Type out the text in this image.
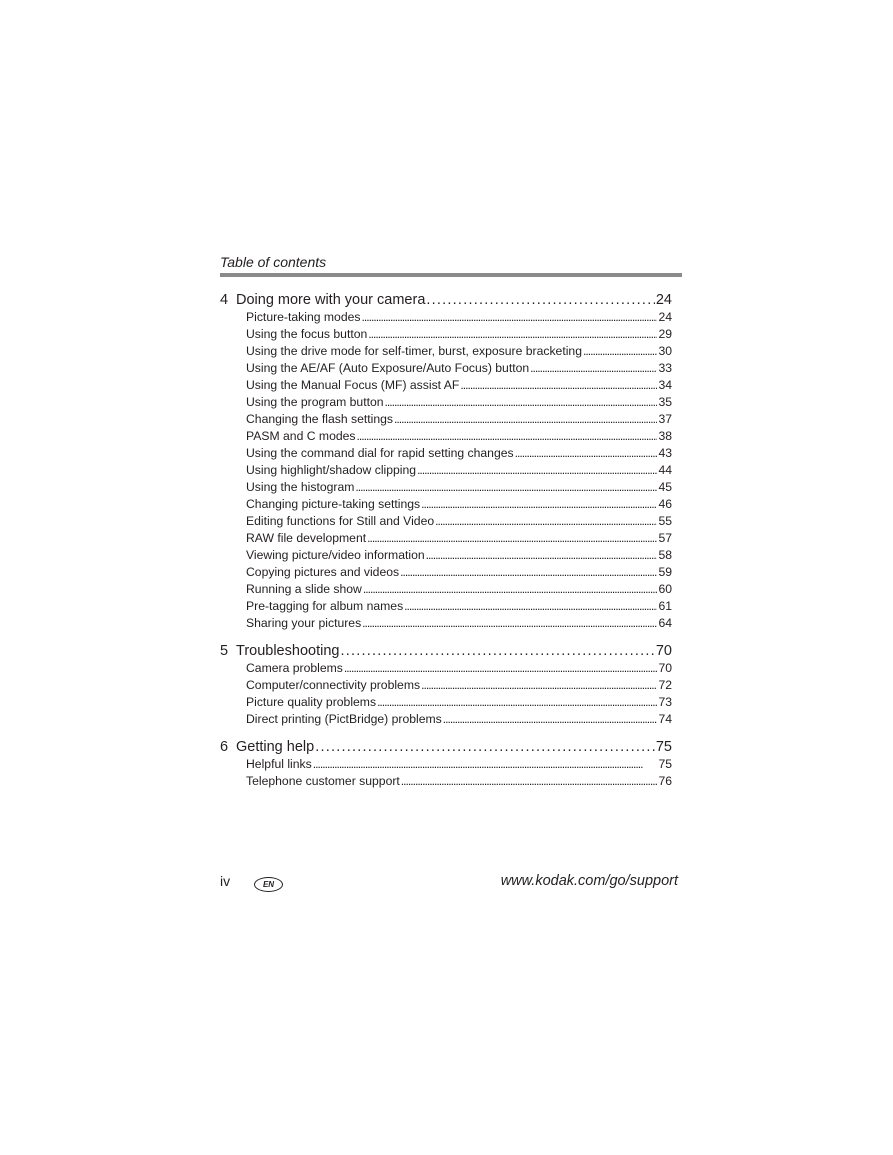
Table of contents
4 Doing more with your camera . . .	24
Picture-taking modes . . .	24
Using the focus button . . .	29
Using the drive mode for self-timer, burst, exposure bracketing . . .	30
Using the AE/AF (Auto Exposure/Auto Focus) button . . .	33
Using the Manual Focus (MF) assist AF . . .	34
Using the program button . . .	35
Changing the flash settings . . .	37
PASM and C modes . . .	38
Using the command dial for rapid setting changes . . .	43
Using highlight/shadow clipping . . .	44
Using the histogram . . .	45
Changing picture-taking settings . . .	46
Editing functions for Still and Video . . .	55
RAW file development . . .	57
Viewing picture/video information . . .	58
Copying pictures and videos . . .	59
Running a slide show . . .	60
Pre-tagging for album names . . .	61
Sharing your pictures . . .	64
5 Troubleshooting . . .	70
Camera problems . . .	70
Computer/connectivity problems . . .	72
Picture quality problems . . .	73
Direct printing (PictBridge) problems . . .	74
6 Getting help . . .	75
Helpful links . . .	75
Telephone customer support . . .	76
iv	EN	www.kodak.com/go/support
